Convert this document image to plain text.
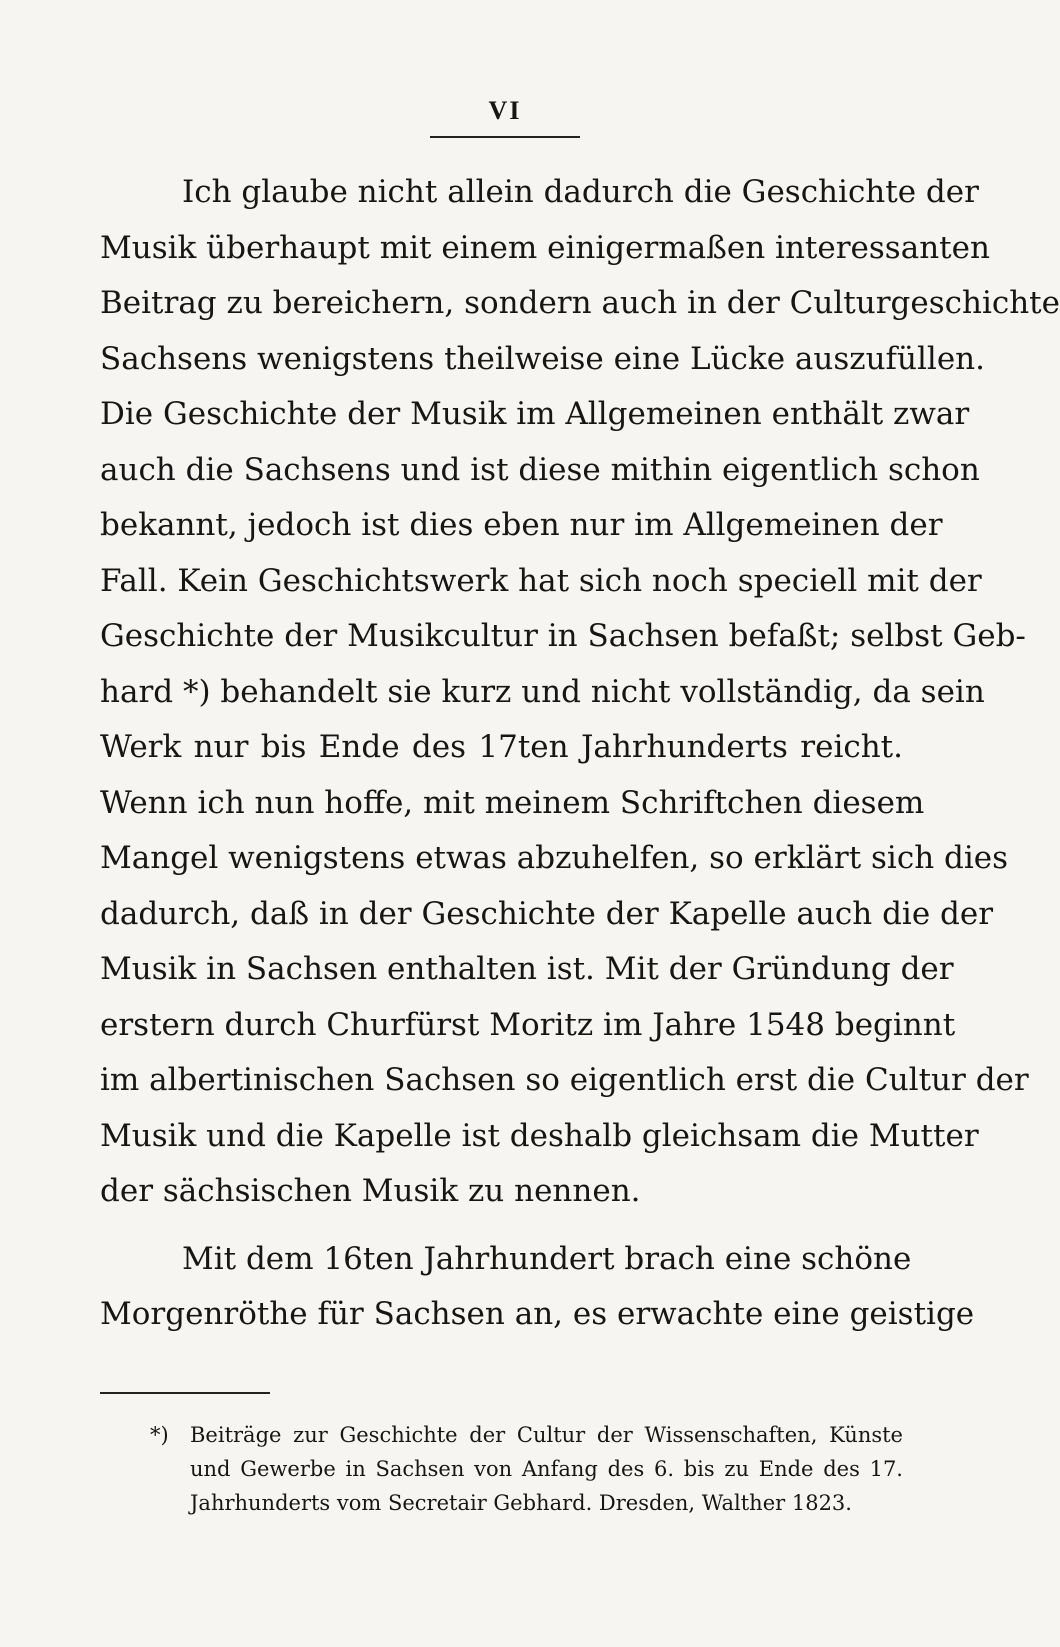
VI
Ich glaube nicht allein dadurch die Geschichte der
Musik überhaupt mit einem einigermaßen interessanten
Beitrag zu bereichern, sondern auch in der Culturgeschichte
Sachsens wenigstens theilweise eine Lücke auszufüllen.
Die Geschichte der Musik im Allgemeinen enthält zwar
auch die Sachsens und ist diese mithin eigentlich schon
bekannt, jedoch ist dies eben nur im Allgemeinen der
Fall. Kein Geschichtswerk hat sich noch speciell mit der
Geschichte der Musikcultur in Sachsen befaßt; selbst Geb-
hard *) behandelt sie kurz und nicht vollständig, da sein
Werk nur bis Ende des 17ten Jahrhunderts reicht.
Wenn ich nun hoffe, mit meinem Schriftchen diesem
Mangel wenigstens etwas abzuhelfen, so erklärt sich dies
dadurch, daß in der Geschichte der Kapelle auch die der
Musik in Sachsen enthalten ist. Mit der Gründung der
erstern durch Churfürst Moritz im Jahre 1548 beginnt
im albertinischen Sachsen so eigentlich erst die Cultur der
Musik und die Kapelle ist deshalb gleichsam die Mutter
der sächsischen Musik zu nennen.
Mit dem 16ten Jahrhundert brach eine schöne
Morgenröthe für Sachsen an, es erwachte eine geistige
*) Beiträge zur Geschichte der Cultur der Wissenschaften, Künste
und Gewerbe in Sachsen von Anfang des 6. bis zu Ende des 17.
Jahrhunderts vom Secretair Gebhard. Dresden, Walther 1823.
